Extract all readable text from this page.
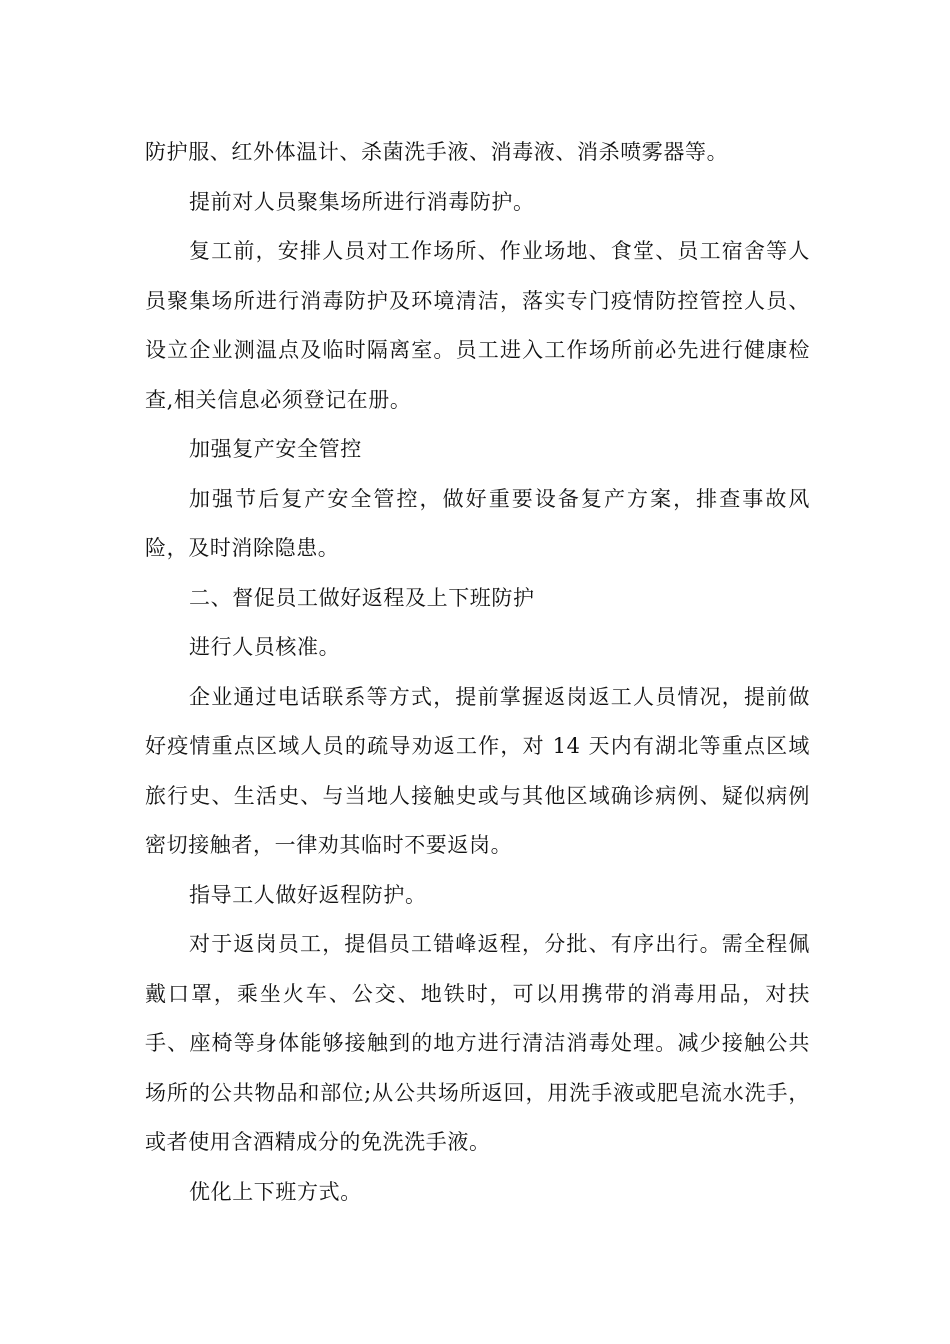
防护服、红外体温计、杀菌洗手液、消毒液、消杀喷雾器等。

提前对人员聚集场所进行消毒防护。

复工前，安排人员对工作场所、作业场地、食堂、员工宿舍等人员聚集场所进行消毒防护及环境清洁，落实专门疫情防控管控人员、设立企业测温点及临时隔离室。员工进入工作场所前必先进行健康检查,相关信息必须登记在册。

加强复产安全管控

加强节后复产安全管控，做好重要设备复产方案，排查事故风险，及时消除隐患。

二、督促员工做好返程及上下班防护

进行人员核准。

企业通过电话联系等方式，提前掌握返岗返工人员情况，提前做好疫情重点区域人员的疏导劝返工作，对 14 天内有湖北等重点区域旅行史、生活史、与当地人接触史或与其他区域确诊病例、疑似病例密切接触者，一律劝其临时不要返岗。

指导工人做好返程防护。

对于返岗员工，提倡员工错峰返程，分批、有序出行。需全程佩戴口罩，乘坐火车、公交、地铁时，可以用携带的消毒用品，对扶手、座椅等身体能够接触到的地方进行清洁消毒处理。减少接触公共场所的公共物品和部位;从公共场所返回，用洗手液或肥皂流水洗手，或者使用含酒精成分的免洗洗手液。

优化上下班方式。
